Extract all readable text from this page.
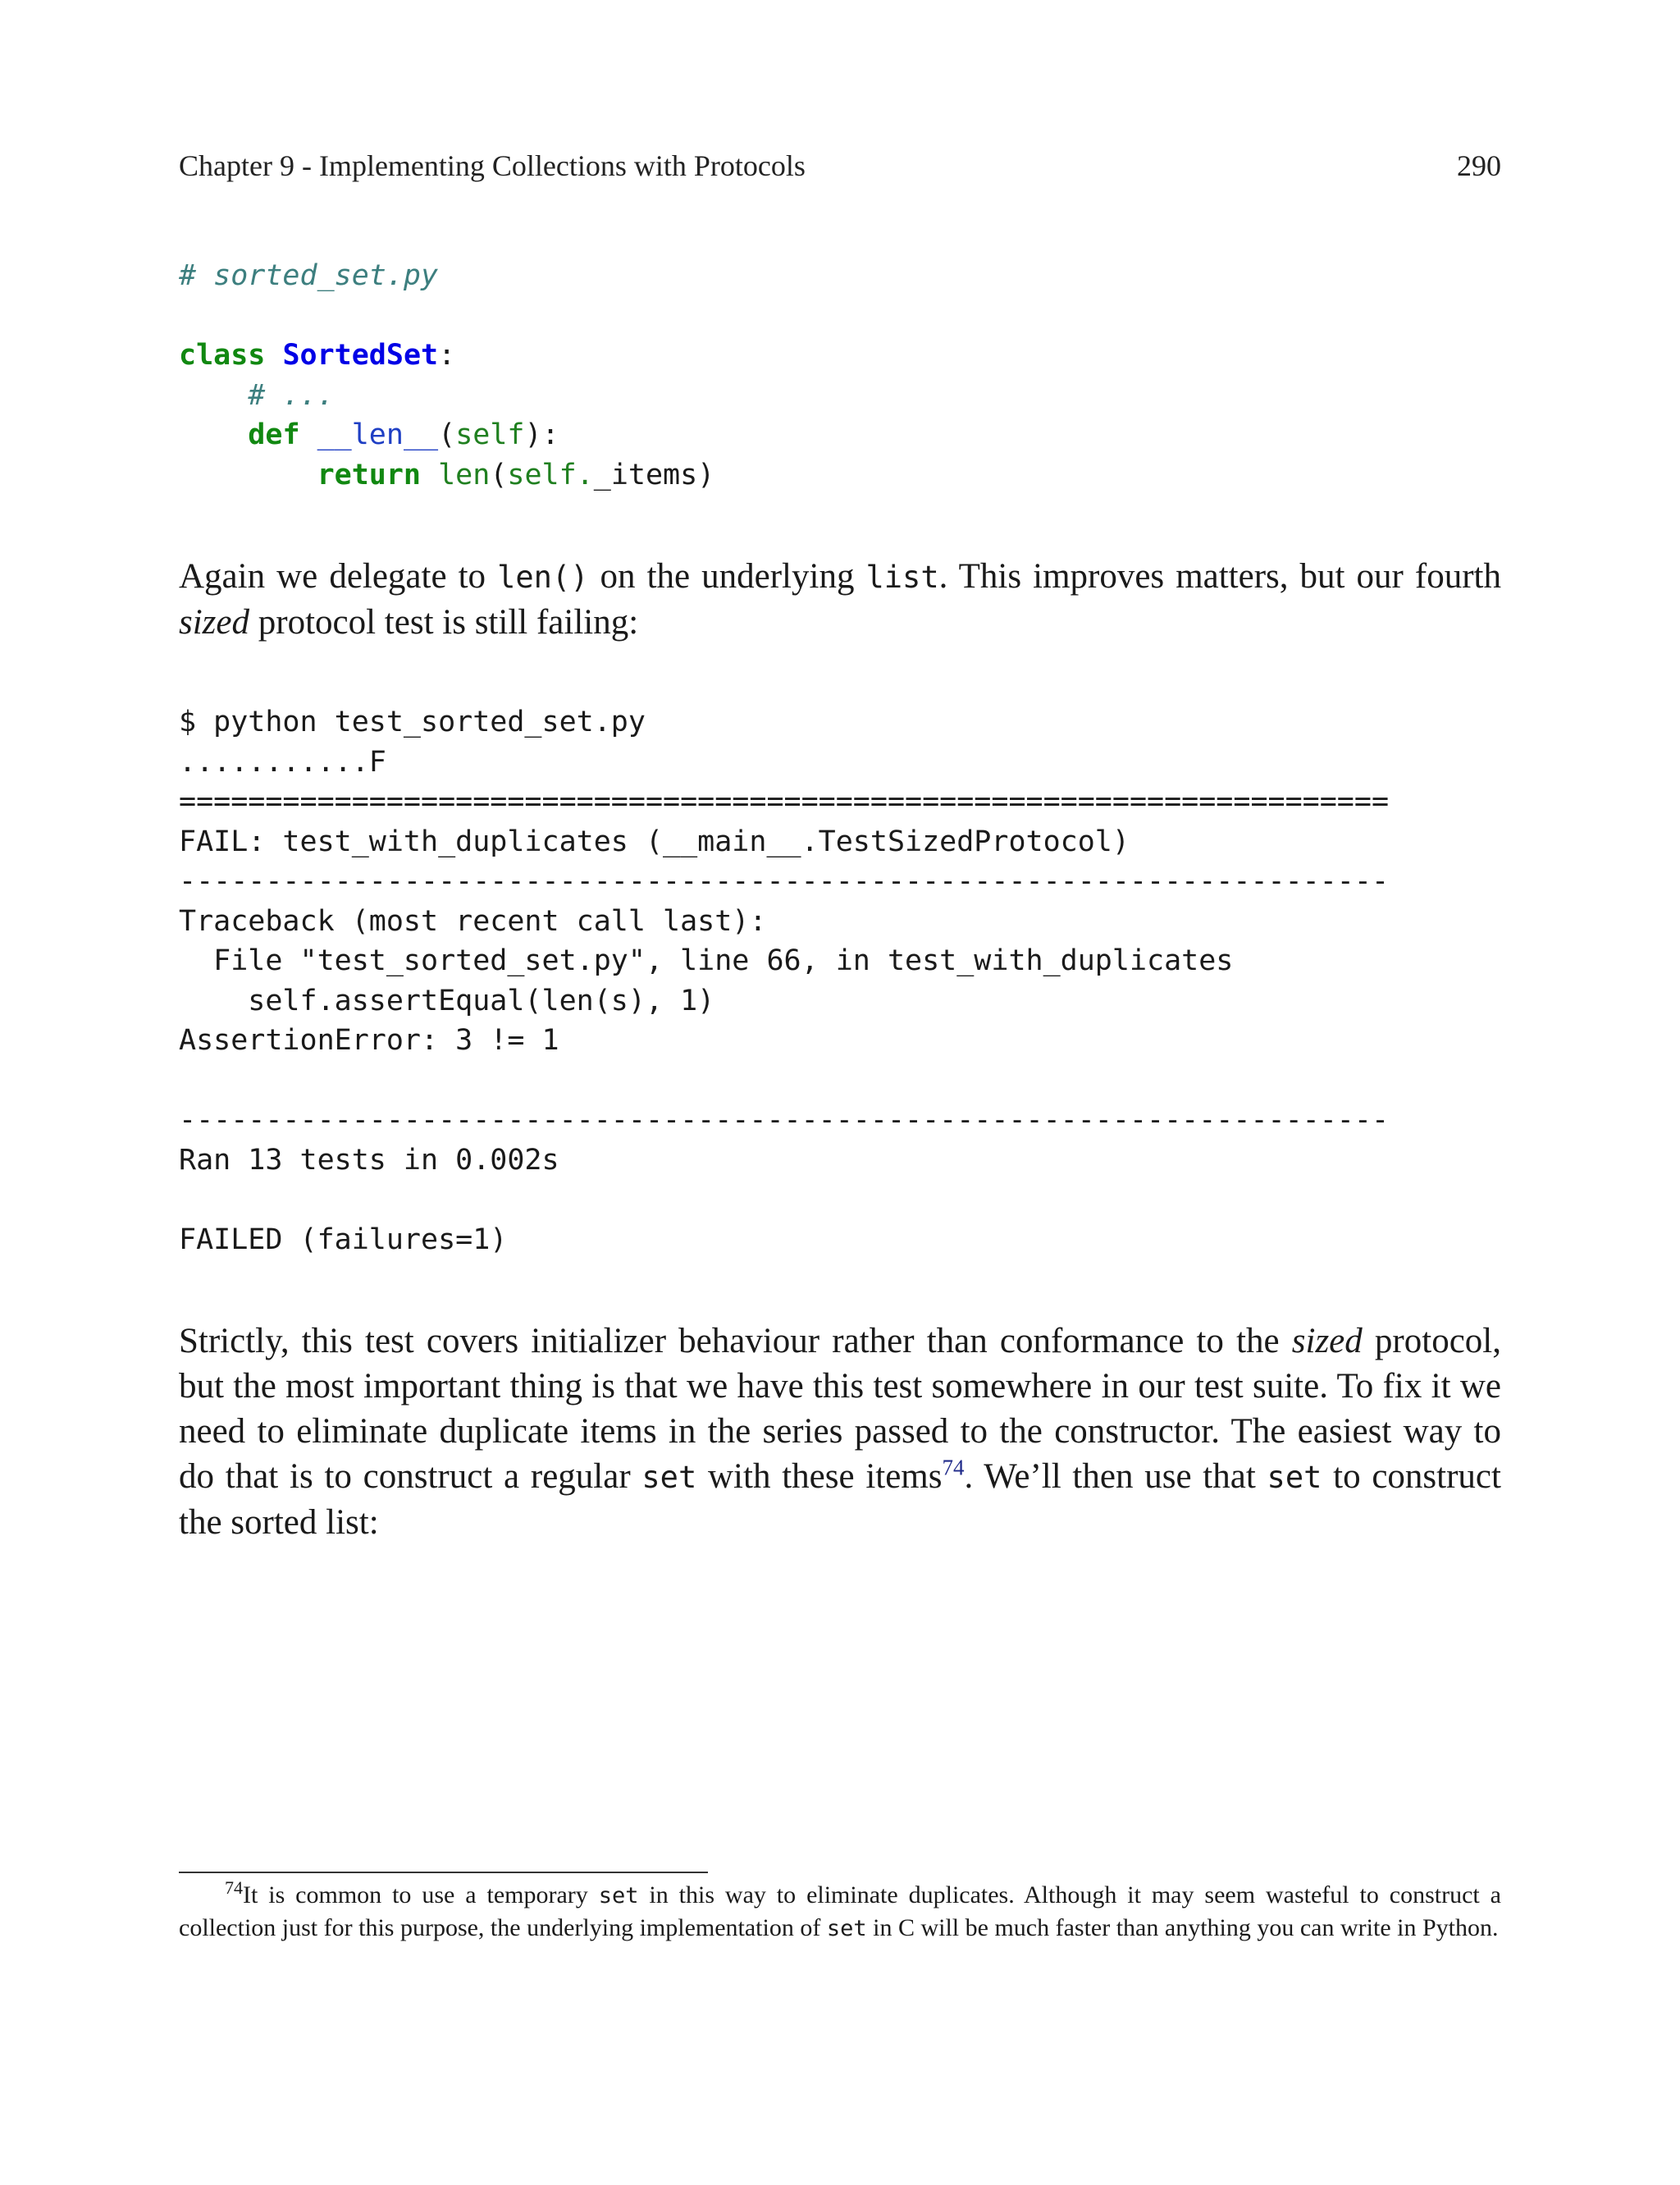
Chapter 9 - Implementing Collections with Protocols	290
# sorted_set.py

class SortedSet:
# ...
def __len__(self):
return len(self._items)

Again we delegate to len() on the underlying list. This improves matters, but our fourth sized protocol test is still failing:

$ python test_sorted_set.py
...........F
======================================================================
FAIL: test_with_duplicates (__main__.TestSizedProtocol)
----------------------------------------------------------------------
Traceback (most recent call last):
File "test_sorted_set.py", line 66, in test_with_duplicates
self.assertEqual(len(s), 1)
AssertionError: 3 != 1

----------------------------------------------------------------------
Ran 13 tests in 0.002s

FAILED (failures=1)

Strictly, this test covers initializer behaviour rather than conformance to the sized protocol, but the most important thing is that we have this test somewhere in our test suite. To fix it we need to eliminate duplicate items in the series passed to the constructor. The easiest way to do that is to construct a regular set with these items$^{74}$. We’ll then use that set to construct the sorted list:

$^{74}$It is common to use a temporary set in this way to eliminate duplicates. Although it may seem wasteful to construct a collection just for this purpose, the underlying implementation of set in C will be much faster than anything you can write in Python.
